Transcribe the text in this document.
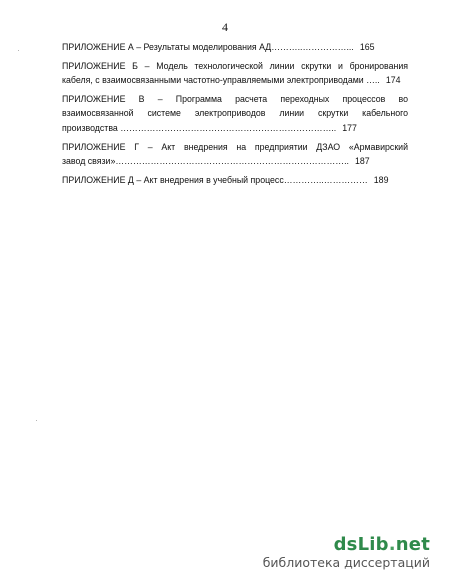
4
ПРИЛОЖЕНИЕ А – Результаты моделирования АД………..……………... 165
ПРИЛОЖЕНИЕ Б – Модель технологической линии скрутки и бронирования
кабеля, с взаимосвязанными частотно-управляемыми электроприводами ….. 174
ПРИЛОЖЕНИЕ В – Программа расчета переходных процессов во
взаимосвязанной системе электроприводов линии скрутки кабельного
производства ……………………………………………………………….. 177
ПРИЛОЖЕНИЕ Г – Акт внедрения на предприятии ДЗАО «Армавирский
завод связи»…………………………………………………………………….. 187
ПРИЛОЖЕНИЕ Д – Акт внедрения в учебный процесс…………..…………… 189
dsLib.net
библиотека диссертаций
